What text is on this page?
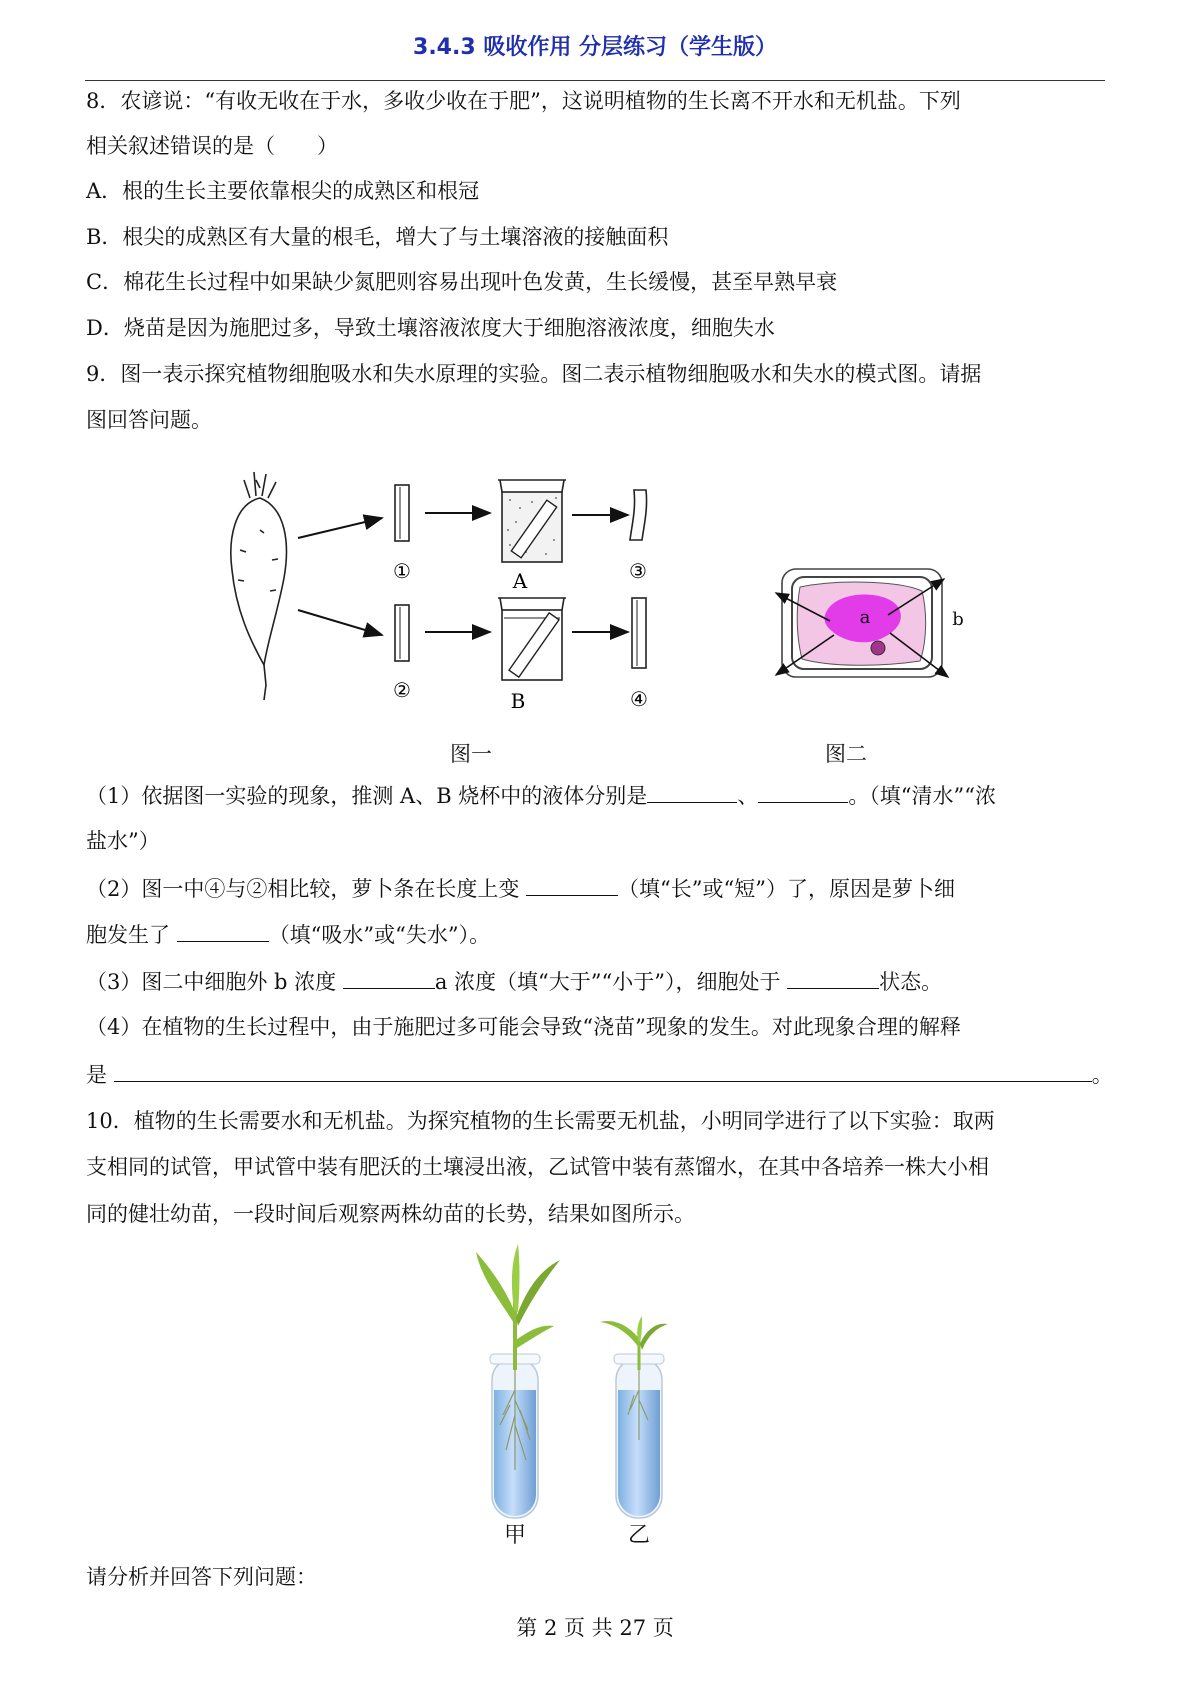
3.4.3 吸收作用 分层练习（学生版）
8．农谚说：“有收无收在于水，多收少收在于肥”，这说明植物的生长离不开水和无机盐。下列
相关叙述错误的是（　　）
A．根的生长主要依靠根尖的成熟区和根冠
B．根尖的成熟区有大量的根毛，增大了与土壤溶液的接触面积
C．棉花生长过程中如果缺少氮肥则容易出现叶色发黄，生长缓慢，甚至早熟早衰
D．烧苗是因为施肥过多，导致土壤溶液浓度大于细胞溶液浓度，细胞失水
9．图一表示探究植物细胞吸水和失水原理的实验。图二表示植物细胞吸水和失水的模式图。请据
图回答问题。
①
②
A
B
③
④
a	b
图一	图二
（1）依据图一实验的现象，推测 A、B 烧杯中的液体分别是	、	。（填“清水”“浓
盐水”）
（2）图一中④与②相比较，萝卜条在长度上变	（填“长”或“短”）了，原因是萝卜细
胞发生了	（填“吸水”或“失水”）。
（3）图二中细胞外 b 浓度	a 浓度（填“大于”“小于”），细胞处于	状态。
（4）在植物的生长过程中，由于施肥过多可能会导致“浇苗”现象的发生。对此现象合理的解释
是	。
10．植物的生长需要水和无机盐。为探究植物的生长需要无机盐，小明同学进行了以下实验：取两
支相同的试管，甲试管中装有肥沃的土壤浸出液，乙试管中装有蒸馏水，在其中各培养一株大小相
同的健壮幼苗，一段时间后观察两株幼苗的长势，结果如图所示。
甲	乙
请分析并回答下列问题：
第 2 页 共 27 页
